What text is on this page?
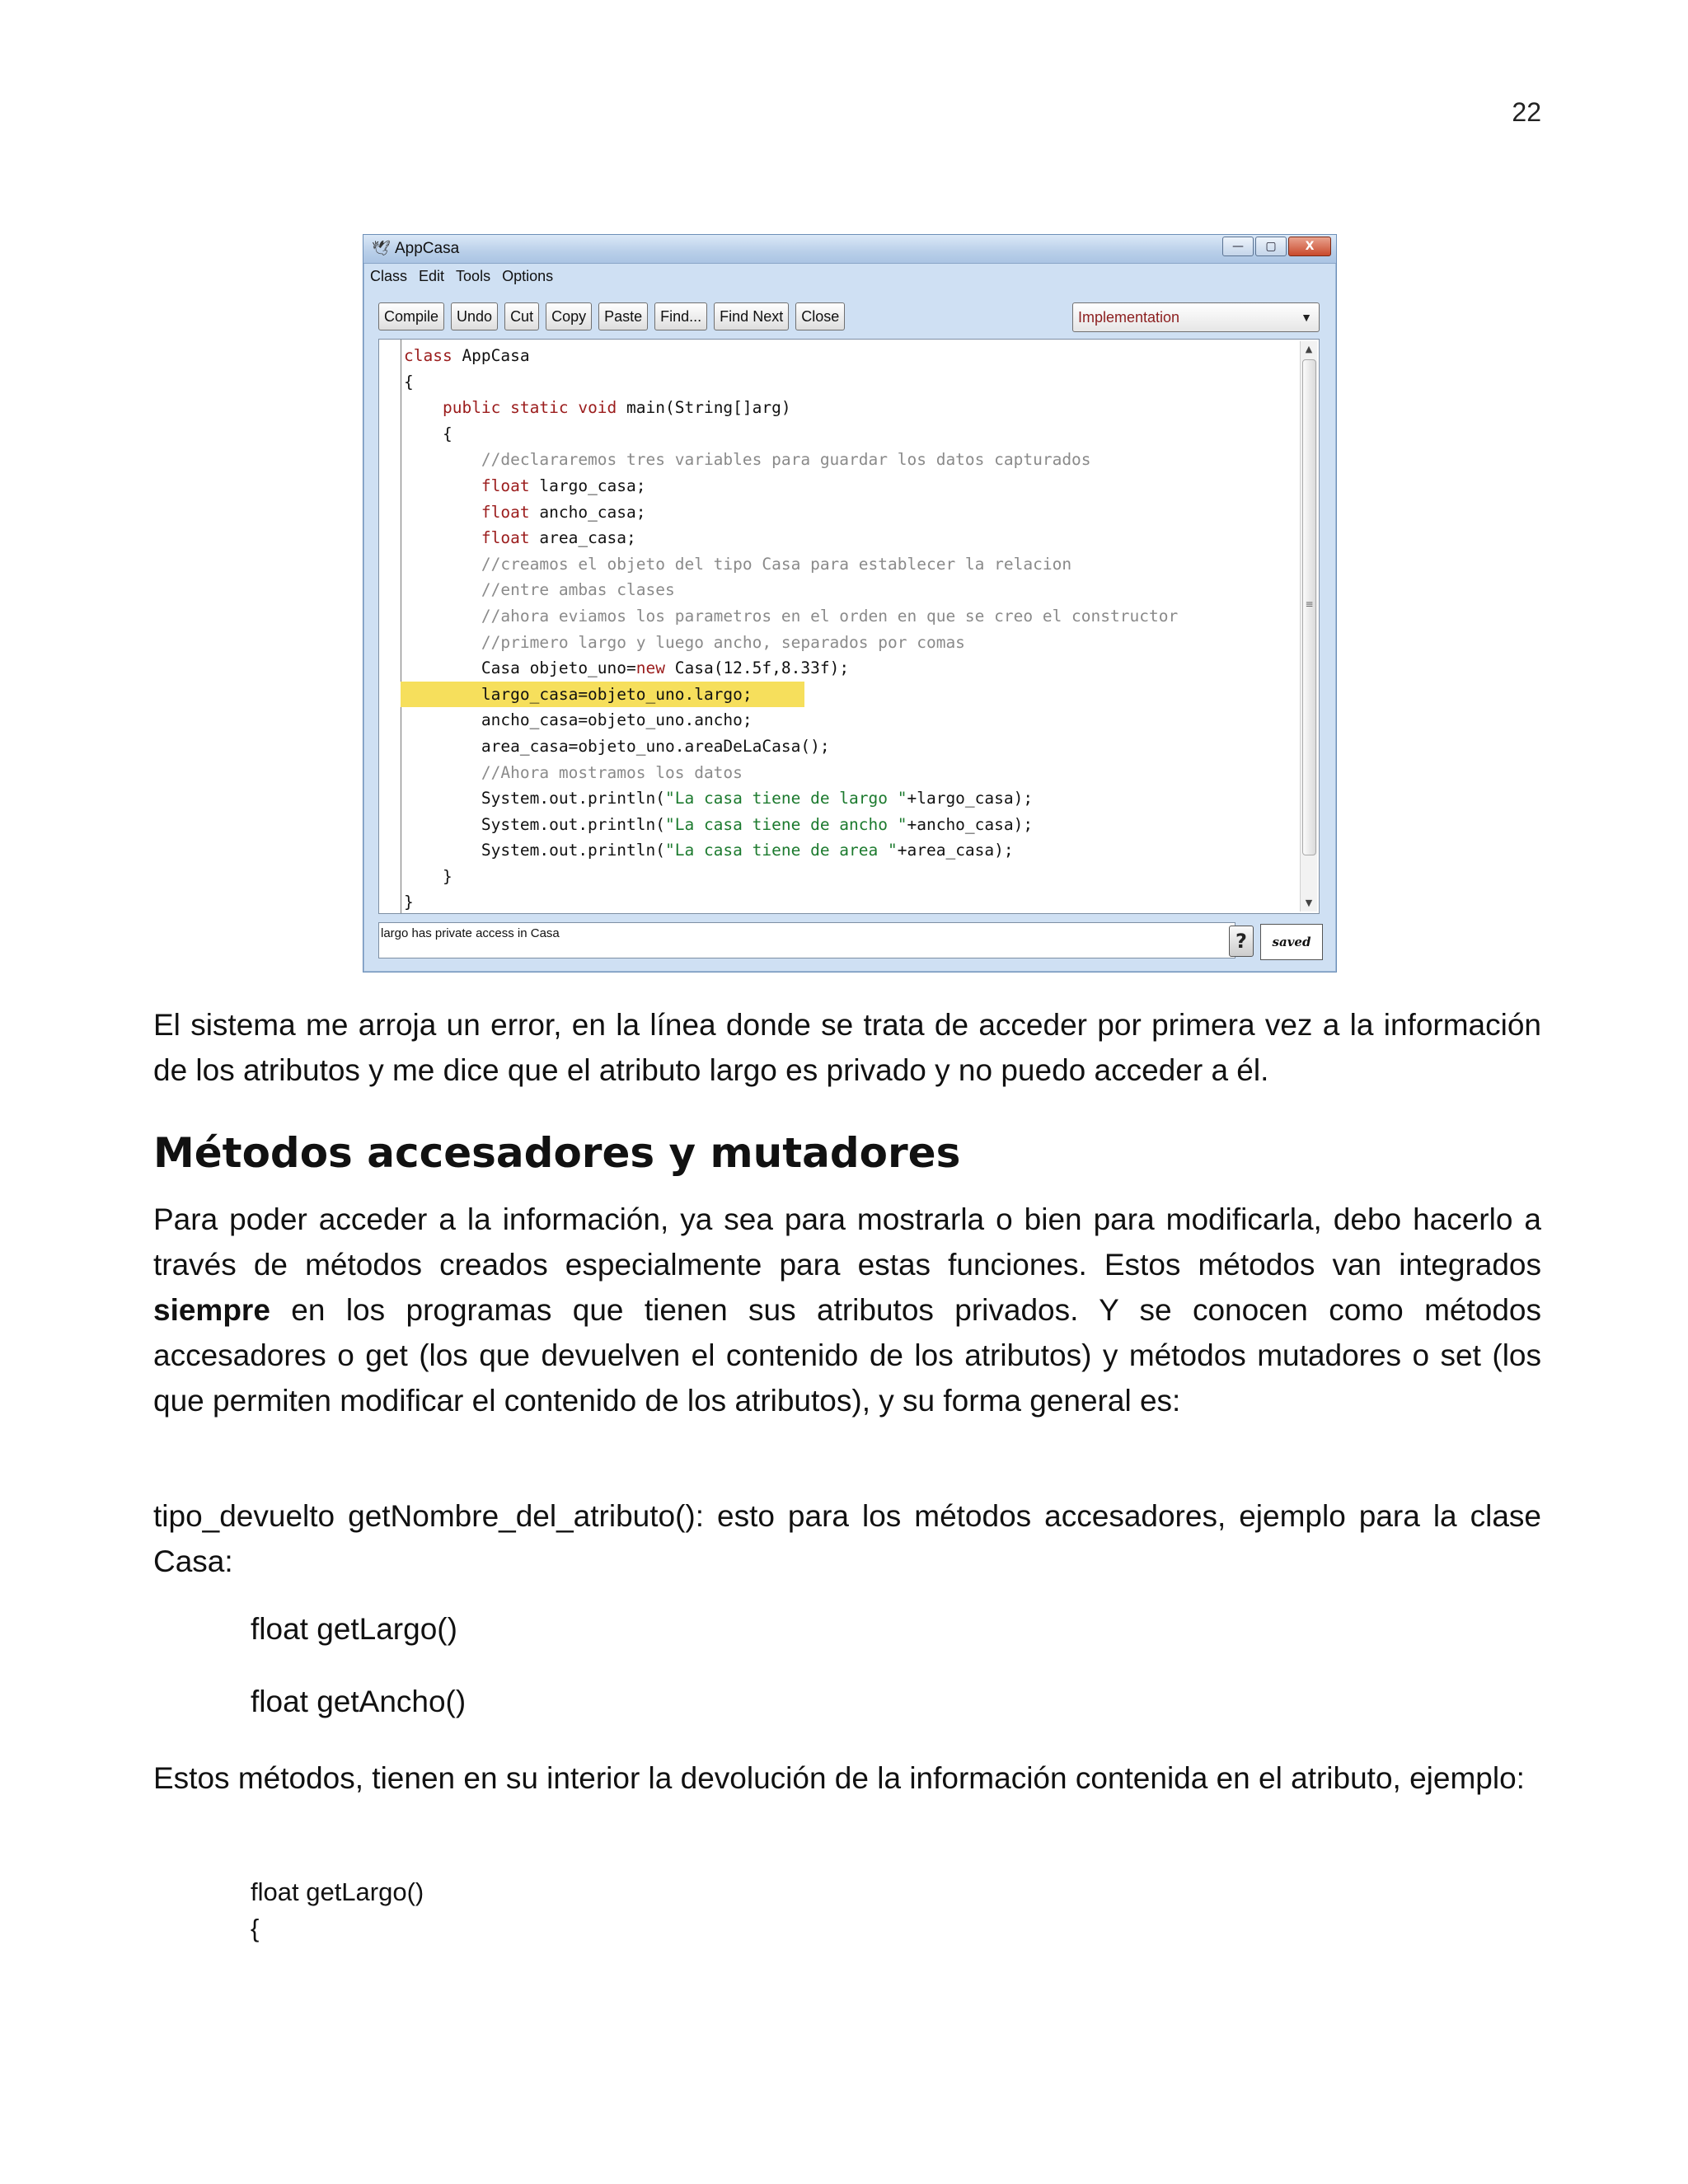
22
🕊 AppCasa	—	▢	X
Class Edit Tools Options
Compile	Undo	Cut	Copy	Paste	Find...	Find Next	Close	Implementation	▼
class AppCasa
{
public static void main(String[]arg)
{
//declararemos tres variables para guardar los datos capturados
float largo_casa;
float ancho_casa;
float area_casa;
//creamos el objeto del tipo Casa para establecer la relacion
//entre ambas clases
//ahora eviamos los parametros en el orden en que se creo el constructor
//primero largo y luego ancho, separados por comas
Casa objeto_uno=new Casa(12.5f,8.33f);
largo_casa=objeto_uno.largo;
ancho_casa=objeto_uno.ancho;
area_casa=objeto_uno.areaDeLaCasa();
//Ahora mostramos los datos
System.out.println("La casa tiene de largo "+largo_casa);
System.out.println("La casa tiene de ancho "+ancho_casa);
System.out.println("La casa tiene de area "+area_casa);
}
}
▲
≡
▼
largo has private access in Casa	?	saved

El sistema me arroja un error, en la línea donde se trata de acceder por primera vez a la información de los atributos y me dice que el atributo largo es privado y no puedo acceder a él.

Métodos accesadores y mutadores

Para poder acceder a la información, ya sea para mostrarla o bien para modificarla, debo hacerlo a través de métodos creados especialmente para estas funciones. Estos métodos van integrados siempre en los programas que tienen sus atributos privados. Y se conocen como métodos accesadores o get (los que devuelven el contenido de los atributos) y métodos mutadores o set (los que permiten modificar el contenido de los atributos), y su forma general es:

tipo_devuelto getNombre_del_atributo(): esto para los métodos accesadores, ejemplo para la clase Casa:

float getLargo()
float getAncho()

Estos métodos, tienen en su interior la devolución de la información contenida en el atributo, ejemplo:

float getLargo()
{
